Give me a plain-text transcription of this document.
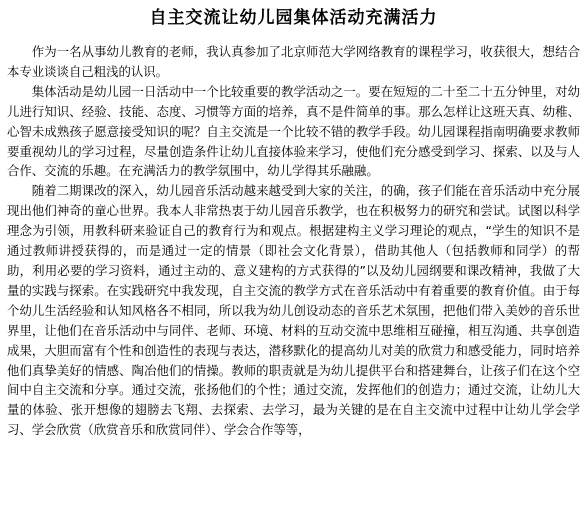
自主交流让幼儿园集体活动充满活力

作为一名从事幼儿教育的老师，我认真参加了北京师范大学网络教育的课程学习，收获很大，想结合本专业谈谈自己粗浅的认识。

集体活动是幼儿园一日活动中一个比较重要的教学活动之一。要在短短的二十至二十五分钟里，对幼儿进行知识、经验、技能、态度、习惯等方面的培养，真不是件简单的事。那么怎样让这班天真、幼稚、心智未成熟孩子愿意接受知识的呢？自主交流是一个比较不错的教学手段。幼儿园课程指南明确要求教师要重视幼儿的学习过程，尽量创造条件让幼儿直接体验来学习，使他们充分感受到学习、探索、以及与人合作、交流的乐趣。在充满活力的教学氛围中，幼儿学得其乐融融。

随着二期课改的深入，幼儿园音乐活动越来越受到大家的关注，的确，孩子们能在音乐活动中充分展现出他们神奇的童心世界。我本人非常热衷于幼儿园音乐教学，也在积极努力的研究和尝试。试图以科学理念为引领，用教科研来验证自己的教育行为和观点。根据建构主义学习理论的观点，“学生的知识不是通过教师讲授获得的，而是通过一定的情景（即社会文化背景），借助其他人（包括教师和同学）的帮助，利用必要的学习资料，通过主动的、意义建构的方式获得的”以及幼儿园纲要和课改精神，我做了大量的实践与探索。在实践研究中我发现，自主交流的教学方式在音乐活动中有着重要的教育价值。由于每个幼儿生活经验和认知风格各不相同，所以我为幼儿创设动态的音乐艺术氛围，把他们带入美妙的音乐世界里，让他们在音乐活动中与同伴、老师、环境、材料的互动交流中思维相互碰撞，相互沟通、共享创造成果，大胆而富有个性和创造性的表现与表达，潜移默化的提高幼儿对美的欣赏力和感受能力，同时培养他们真挚美好的情感、陶冶他们的情操。教师的职责就是为幼儿提供平台和搭建舞台，让孩子们在这个空间中自主交流和分享。通过交流，张扬他们的个性；通过交流，发挥他们的创造力；通过交流，让幼儿大量的体验、张开想像的翅膀去飞翔、去探索、去学习，最为关键的是在自主交流中过程中让幼儿学会学习、学会欣赏（欣赏音乐和欣赏同伴）、学会合作等等，
